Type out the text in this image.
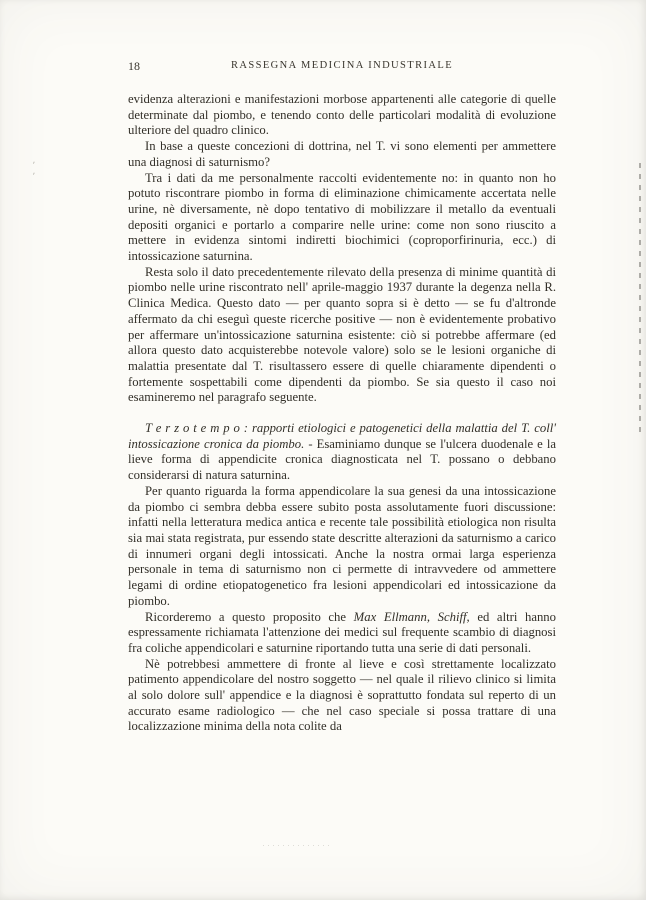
18	RASSEGNA MEDICINA INDUSTRIALE

evidenza alterazioni e manifestazioni morbose appartenenti alle categorie di quelle determinate dal piombo, e tenendo conto delle particolari modalità di evoluzione ulteriore del quadro clinico.

In base a queste concezioni di dottrina, nel T. vi sono elementi per ammettere una diagnosi di saturnismo?

Tra i dati da me personalmente raccolti evidentemente no: in quanto non ho potuto riscontrare piombo in forma di eliminazione chimicamente accertata nelle urine, nè diversamente, nè dopo tentativo di mobilizzare il metallo da eventuali depositi organici e portarlo a comparire nelle urine: come non sono riuscito a mettere in evidenza sintomi indiretti biochimici (coproporfirinuria, ecc.) di intossicazione saturnina.

Resta solo il dato precedentemente rilevato della presenza di minime quantità di piombo nelle urine riscontrato nell' aprile-maggio 1937 durante la degenza nella R. Clinica Medica. Questo dato — per quanto sopra si è detto — se fu d'altronde affermato da chi eseguì queste ricerche positive — non è evidentemente probativo per affermare un'intossicazione saturnina esistente: ciò si potrebbe affermare (ed allora questo dato acquisterebbe notevole valore) solo se le lesioni organiche di malattia presentate dal T. risultassero essere di quelle chiaramente dipendenti o fortemente sospettabili come dipendenti da piombo. Se sia questo il caso noi esamineremo nel paragrafo seguente.

T e r z o t e m p o : rapporti etiologici e patogenetici della malattia del T. coll' intossicazione cronica da piombo. - Esaminiamo dunque se l'ulcera duodenale e la lieve forma di appendicite cronica diagnosticata nel T. possano o debbano considerarsi di natura saturnina.

Per quanto riguarda la forma appendicolare la sua genesi da una intossicazione da piombo ci sembra debba essere subito posta assolutamente fuori discussione: infatti nella letteratura medica antica e recente tale possibilità etiologica non risulta sia mai stata registrata, pur essendo state descritte alterazioni da saturnismo a carico di innumeri organi degli intossicati. Anche la nostra ormai larga esperienza personale in tema di saturnismo non ci permette di intravvedere od ammettere legami di ordine etiopatogenetico fra lesioni appendicolari ed intossicazione da piombo.

Ricorderemo a questo proposito che Max Ellmann, Schiff, ed altri hanno espressamente richiamata l'attenzione dei medici sul frequente scambio di diagnosi fra coliche appendicolari e saturnine riportando tutta una serie di dati personali.

Nè potrebbesi ammettere di fronte al lieve e così strettamente localizzato patimento appendicolare del nostro soggetto — nel quale il rilievo clinico si limita al solo dolore sull' appendice e la diagnosi è soprattutto fondata sul reperto di un accurato esame radiologico — che nel caso speciale si possa trattare di una localizzazione minima della nota colite da

ʹ
ʹ
